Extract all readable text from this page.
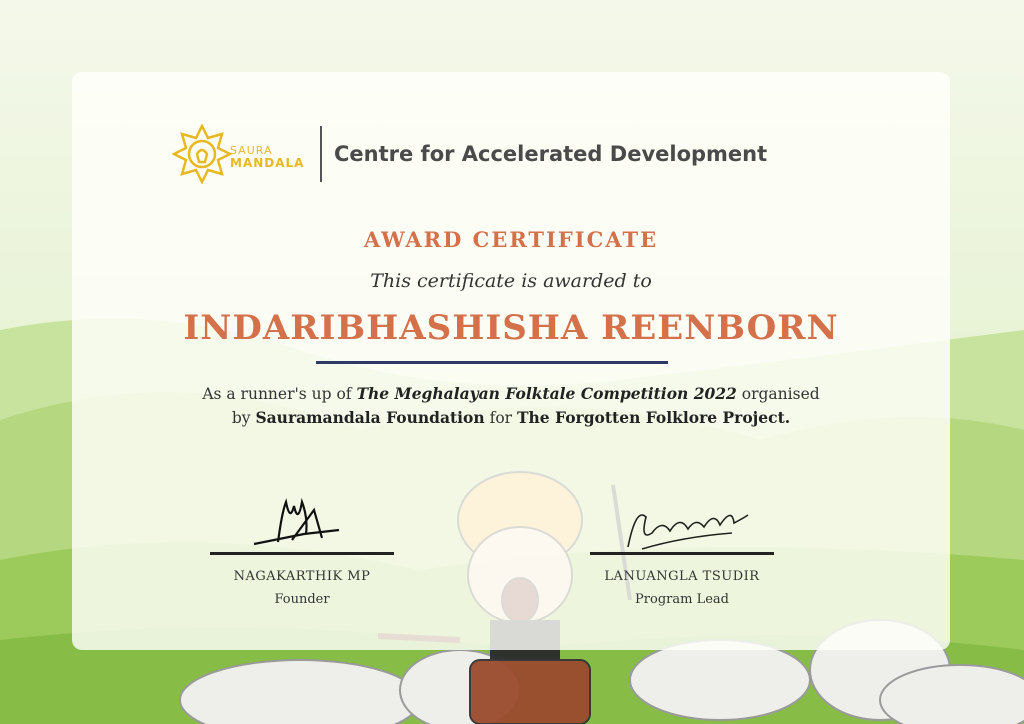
SAURA
MANDALA Centre for Accelerated Development
AWARD CERTIFICATE
This certificate is awarded to
INDARIBHASHISHA REENBORN
As a runner's up of The Meghalayan Folktale Competition 2022 organised
by Sauramandala Foundation for The Forgotten Folklore Project.
NAGAKARTHIK MP
Founder
LANUANGLA TSUDIR
Program Lead
